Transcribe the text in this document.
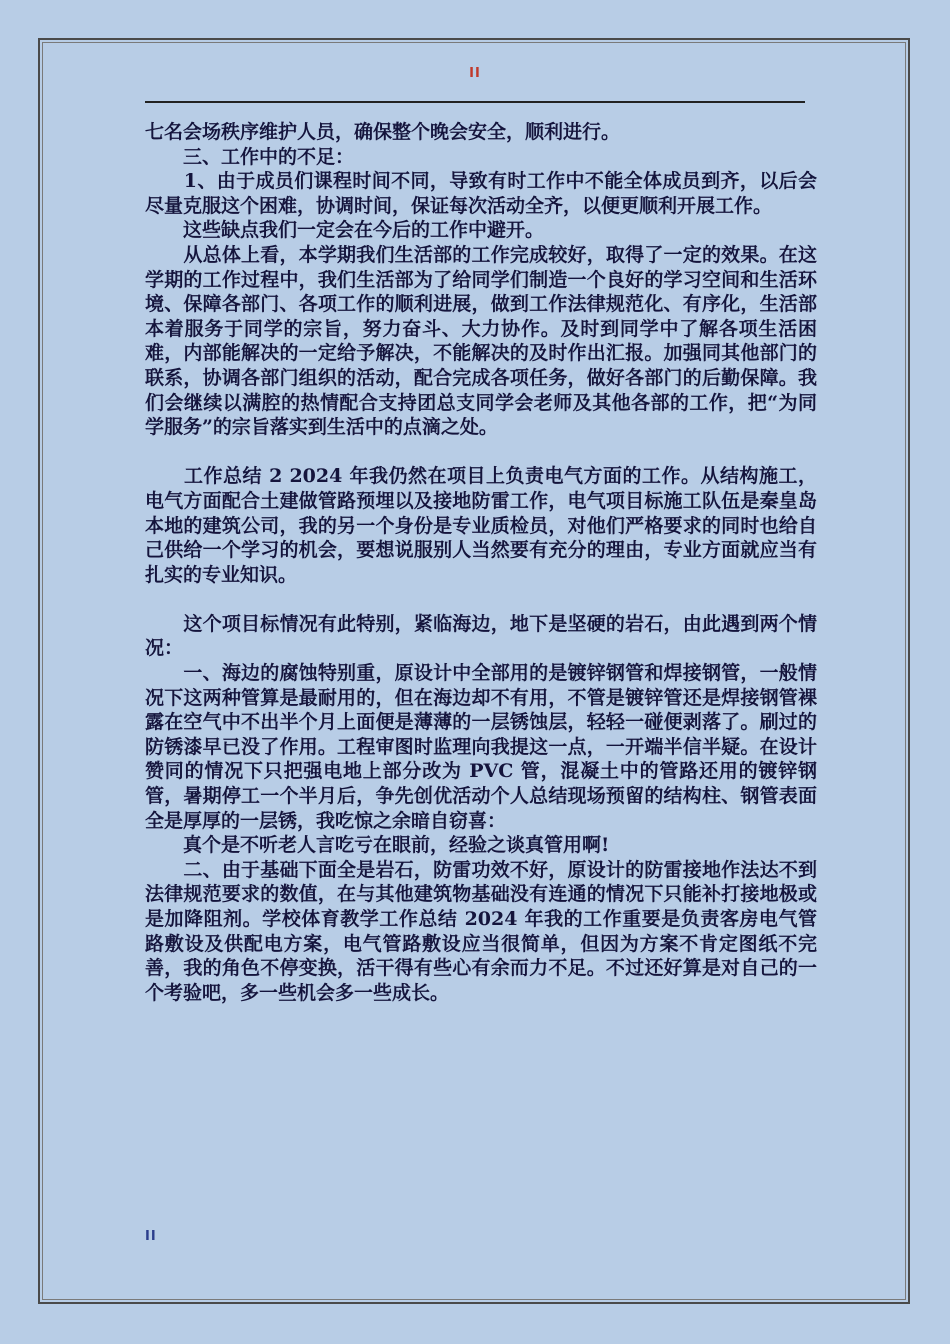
II

七名会场秩序维护人员，确保整个晚会安全，顺利进行。

　　三、工作中的不足：

　　1、由于成员们课程时间不同，导致有时工作中不能全体成员到齐，以后会尽量克服这个困难，协调时间，保证每次活动全齐，以便更顺利开展工作。

　　这些缺点我们一定会在今后的工作中避开。

　　从总体上看，本学期我们生活部的工作完成较好，取得了一定的效果。在这学期的工作过程中，我们生活部为了给同学们制造一个良好的学习空间和生活环境、保障各部门、各项工作的顺利进展，做到工作法律规范化、有序化，生活部本着服务于同学的宗旨，努力奋斗、大力协作。及时到同学中了解各项生活困难，内部能解决的一定给予解决，不能解决的及时作出汇报。加强同其他部门的联系，协调各部门组织的活动，配合完成各项任务，做好各部门的后勤保障。我们会继续以满腔的热情配合支持团总支同学会老师及其他各部的工作，把“为同学服务”的宗旨落实到生活中的点滴之处。

　　工作总结 2 2024 年我仍然在项目上负责电气方面的工作。从结构施工，电气方面配合土建做管路预埋以及接地防雷工作，电气项目标施工队伍是秦皇岛本地的建筑公司，我的另一个身份是专业质检员，对他们严格要求的同时也给自己供给一个学习的机会，要想说服别人当然要有充分的理由，专业方面就应当有扎实的专业知识。

　　这个项目标情况有此特别，紧临海边，地下是坚硬的岩石，由此遇到两个情况：

　　一、海边的腐蚀特别重，原设计中全部用的是镀锌钢管和焊接钢管，一般情况下这两种管算是最耐用的，但在海边却不有用，不管是镀锌管还是焊接钢管裸露在空气中不出半个月上面便是薄薄的一层锈蚀层，轻轻一碰便剥落了。刷过的防锈漆早已没了作用。工程审图时监理向我提这一点，一开端半信半疑。在设计赞同的情况下只把强电地上部分改为 PVC 管，混凝土中的管路还用的镀锌钢管，暑期停工一个半月后，争先创优活动个人总结现场预留的结构柱、钢管表面全是厚厚的一层锈，我吃惊之余暗自窃喜：

　　真个是不听老人言吃亏在眼前，经验之谈真管用啊!

　　二、由于基础下面全是岩石，防雷功效不好，原设计的防雷接地作法达不到法律规范要求的数值，在与其他建筑物基础没有连通的情况下只能补打接地极或是加降阻剂。学校体育教学工作总结 2024 年我的工作重要是负责客房电气管路敷设及供配电方案，电气管路敷设应当很简单，但因为方案不肯定图纸不完善，我的角色不停变换，活干得有些心有余而力不足。不过还好算是对自己的一个考验吧，多一些机会多一些成长。

II
